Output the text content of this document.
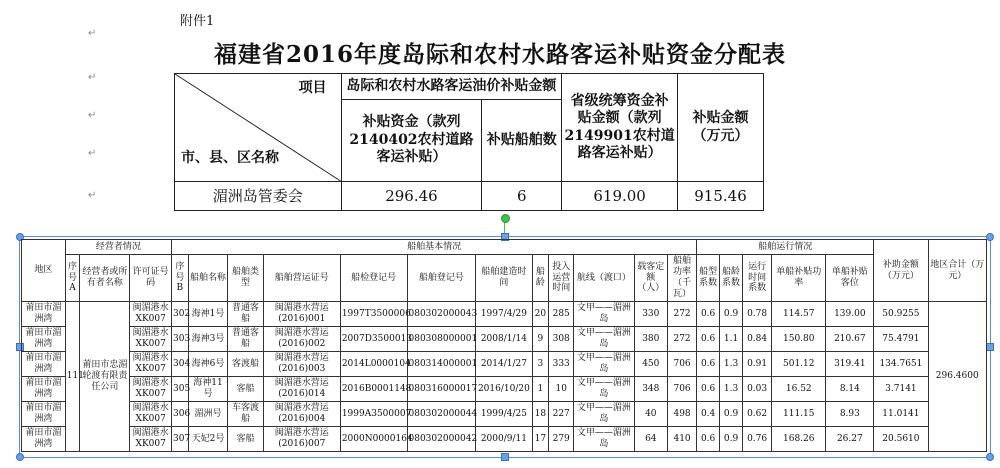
附件1
↵
↵
↵
↵
↵
福建省2016年度岛际和农村水路客运补贴资金分配表
项目
市、县、区名称	岛际和农村水路客运油价补贴金额		省级统筹资金补贴金额（款列2149901农村道路客运补贴）	补贴金额（万元）
	补贴资金（款列2140402农村道路客运补贴）	补贴船舶数		
湄洲岛管委会	296.46	6	619.00	915.46
地区	经营者情况			船舶基本情况												船舶运行情况					补助金额（万元）	地区合计（万元）
	序号A	经营者或所有者名称	许可证号码	序号B	船舶名称	船舶类型	船舶营运证号	船检登记号	船舶登记号	船舶建造时间	船龄	投入运营时间	航线（渡口）	载客定额（人）	船舶功率（千瓦）	船型系数	船龄系数	运行时间系数	单船补贴功率	单船补贴客位		
莆田市湄洲湾	111	莆田市忠湄轮渡有限责任公司	闽湄港水XK007	302	海神1号	普通客船	闽湄港水营运(2016)001	1997T3500006	080302000043	1997/4/29	20	285	文甲——湄洲岛	330	272	0.6	0.9	0.78	114.57	139.00	50.9255	296.4600
莆田市湄洲湾			闽湄港水XK007	303	海神3号	普通客船	闽湄港水营运(2016)002	2007D3500013	080308000001	2008/1/14	9	308	文甲——湄洲岛	380	272	0.6	1.1	0.84	150.80	210.67	75.4791	
莆田市湄洲湾			闽湄港水XK007	304	海神6号	客渡船	闽湄港水营运(2016)003	2014L0000104	080314000001	2014/1/27	3	333	文甲——湄洲岛	450	706	0.6	1.3	0.91	501.12	319.41	134.7651	
莆田市湄洲湾			闽湄港水XK007	305	海神11号	客船	闽湄港水营运(2016)014	2016B0001148	080316000017	2016/10/20	1	10	文甲——湄洲岛	348	706	0.6	1.3	0.03	16.52	8.14	3.7141	
莆田市湄洲湾			闽湄港水XK007	306	湄洲号	车客渡船	闽湄港水营运(2016)004	1999A3500007	080302000044	1999/4/25	18	227	文甲——湄洲岛	40	498	0.4	0.9	0.62	111.15	8.93	11.0141	
莆田市湄洲湾			闽湄港水XK007	307	天妃2号	客船	闽湄港水营运(2016)007	2000N0000164	080302000042	2000/9/11	17	279	文甲——湄洲岛	64	410	0.6	0.9	0.76	168.26	26.27	20.5610	
